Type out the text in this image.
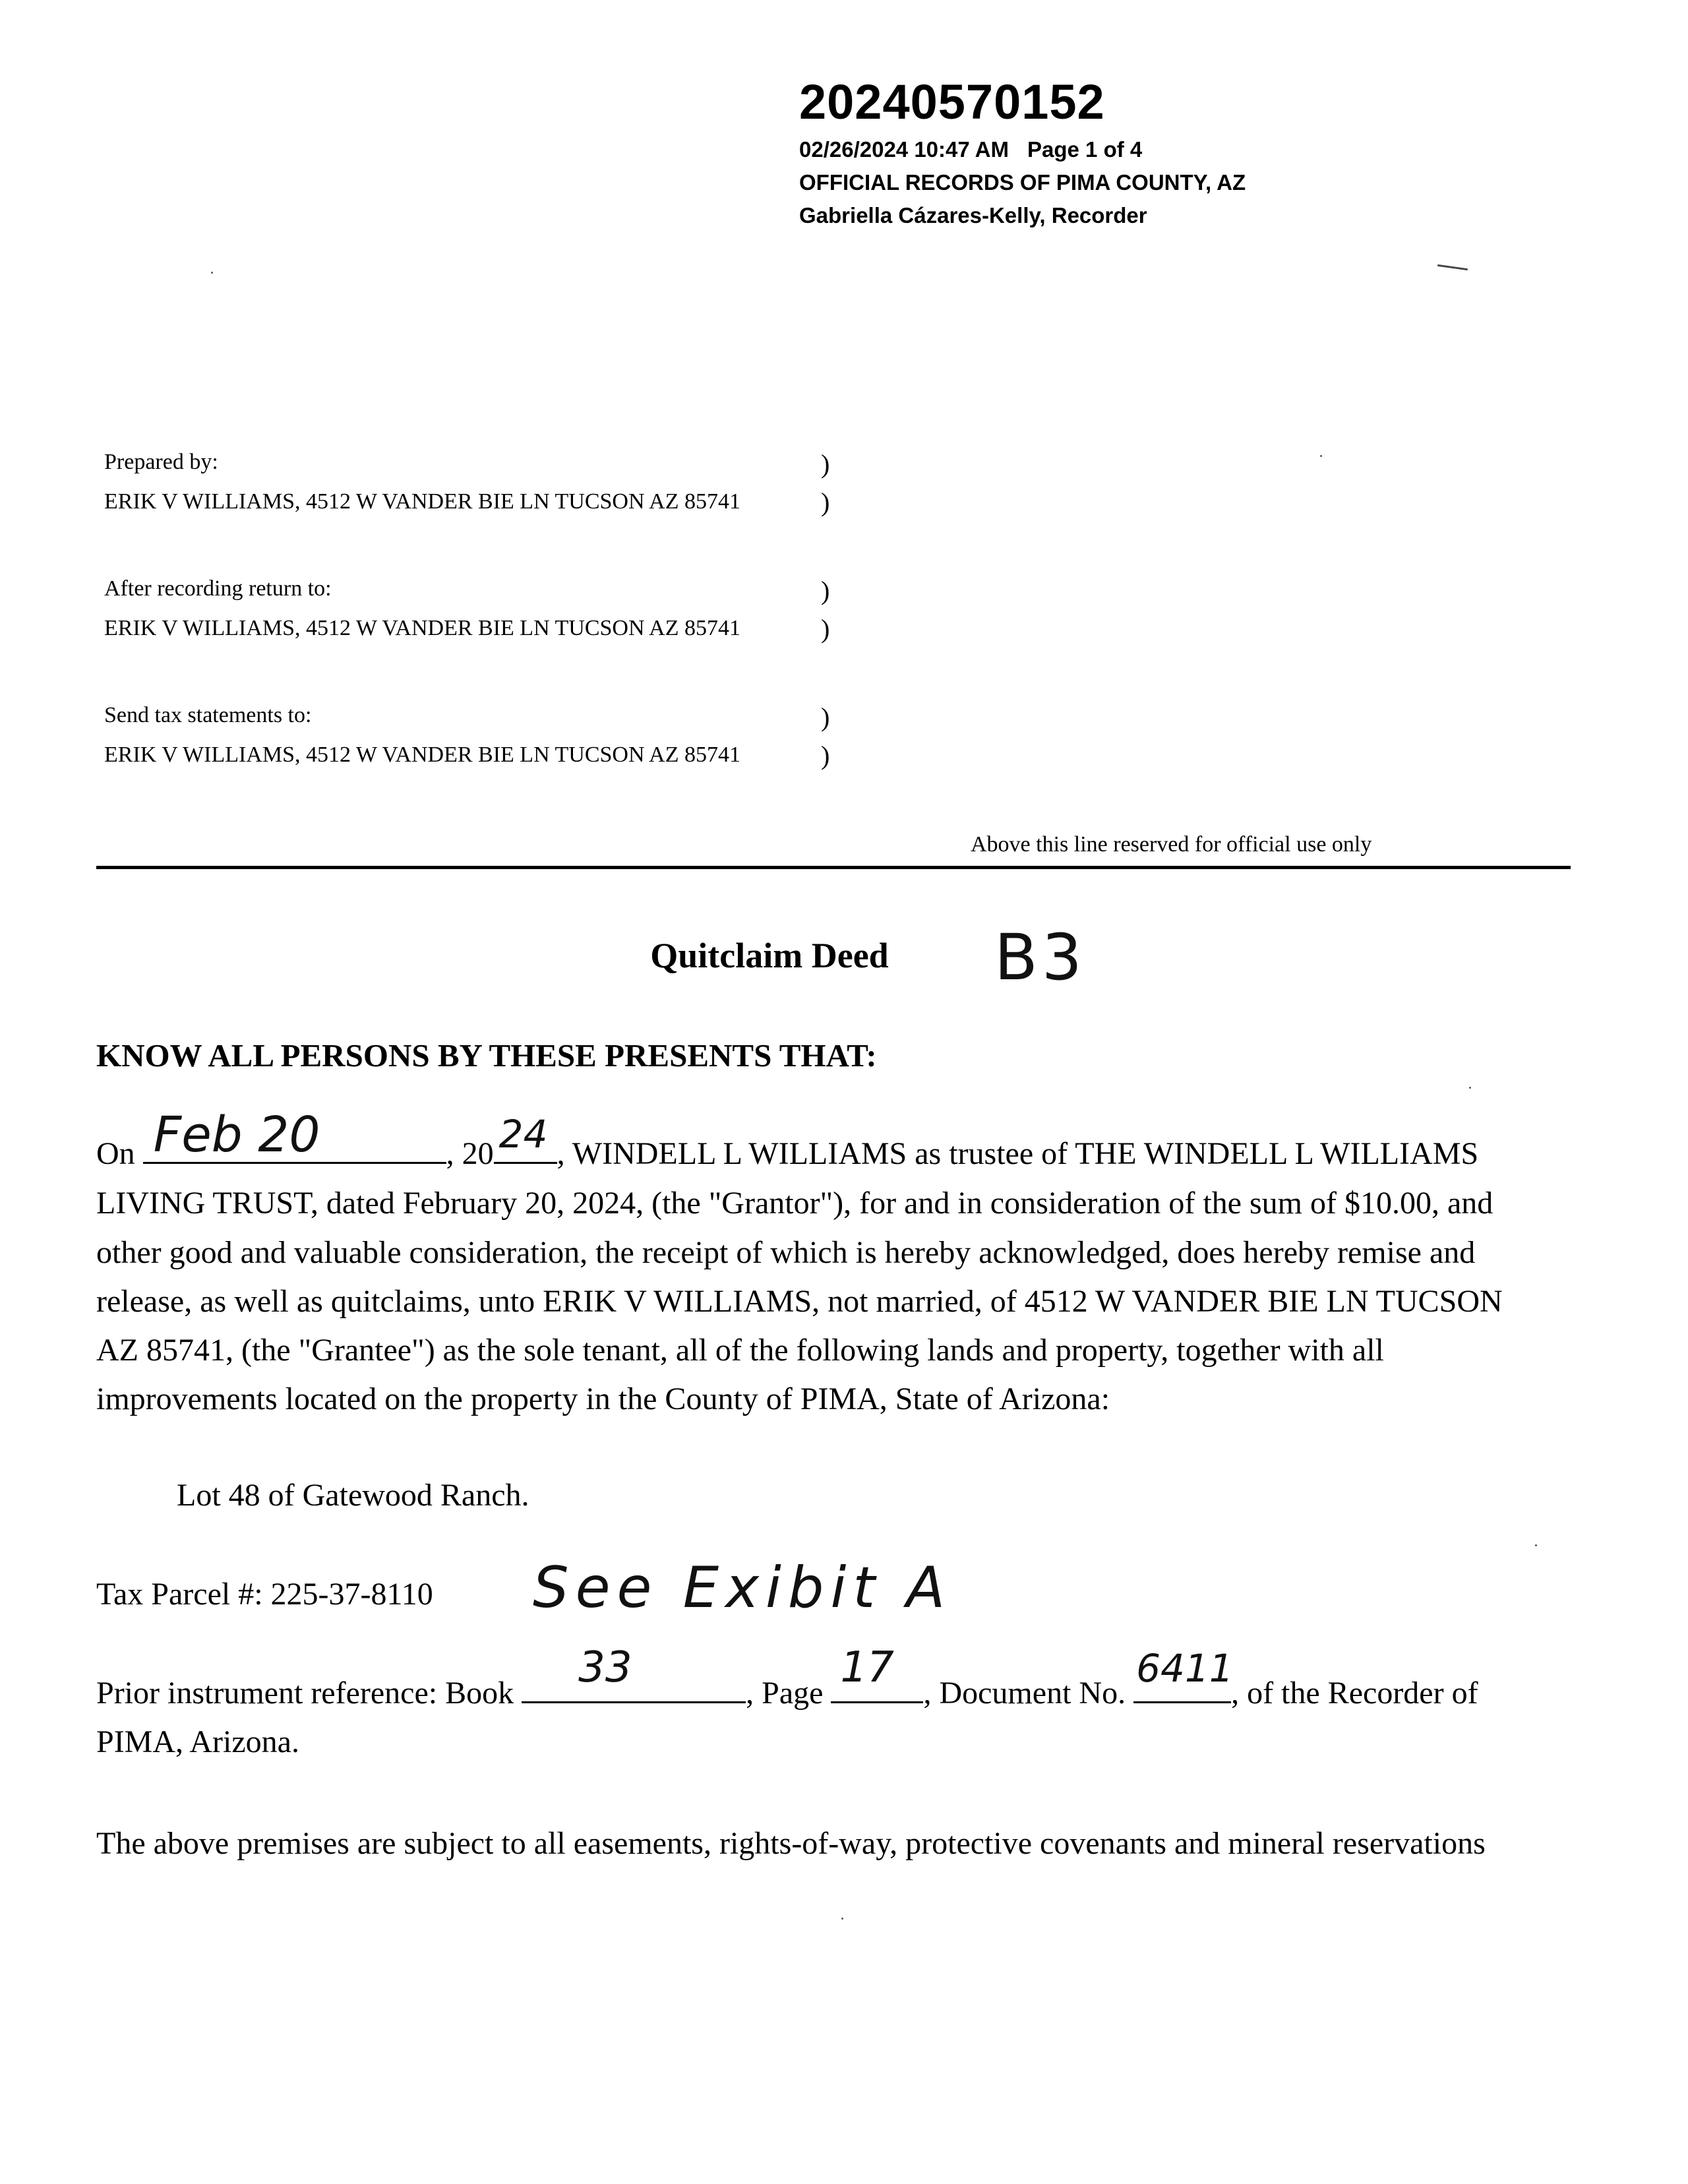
20240570152
02/26/2024 10:47 AM Page 1 of 4
OFFICIAL RECORDS OF PIMA COUNTY, AZ
Gabriella Cázares-Kelly, Recorder
Prepared by:	)
ERIK V WILLIAMS, 4512 W VANDER BIE LN TUCSON AZ 85741	)
After recording return to:	)
ERIK V WILLIAMS, 4512 W VANDER BIE LN TUCSON AZ 85741	)
Send tax statements to:	)
ERIK V WILLIAMS, 4512 W VANDER BIE LN TUCSON AZ 85741	)
Above this line reserved for official use only
Quitclaim Deed	B3
KNOW ALL PERSONS BY THESE PRESENTS THAT:
On Feb 20	, 20 24 , WINDELL L WILLIAMS as trustee of THE WINDELL L WILLIAMS
LIVING TRUST, dated February 20, 2024, (the "Grantor"), for and in consideration of the sum of $10.00, and
other good and valuable consideration, the receipt of which is hereby acknowledged, does hereby remise and
release, as well as quitclaims, unto ERIK V WILLIAMS, not married, of 4512 W VANDER BIE LN TUCSON
AZ 85741, (the "Grantee") as the sole tenant, all of the following lands and property, together with all
improvements located on the property in the County of PIMA, State of Arizona:
Lot 48 of Gatewood Ranch.
Tax Parcel #: 225-37-8110 See Exibit A
Prior instrument reference: Book
33
, Page
17
, Document No.
6411
, of the Recorder of
PIMA, Arizona.
The above premises are subject to all easements, rights-of-way, protective covenants and mineral reservations
